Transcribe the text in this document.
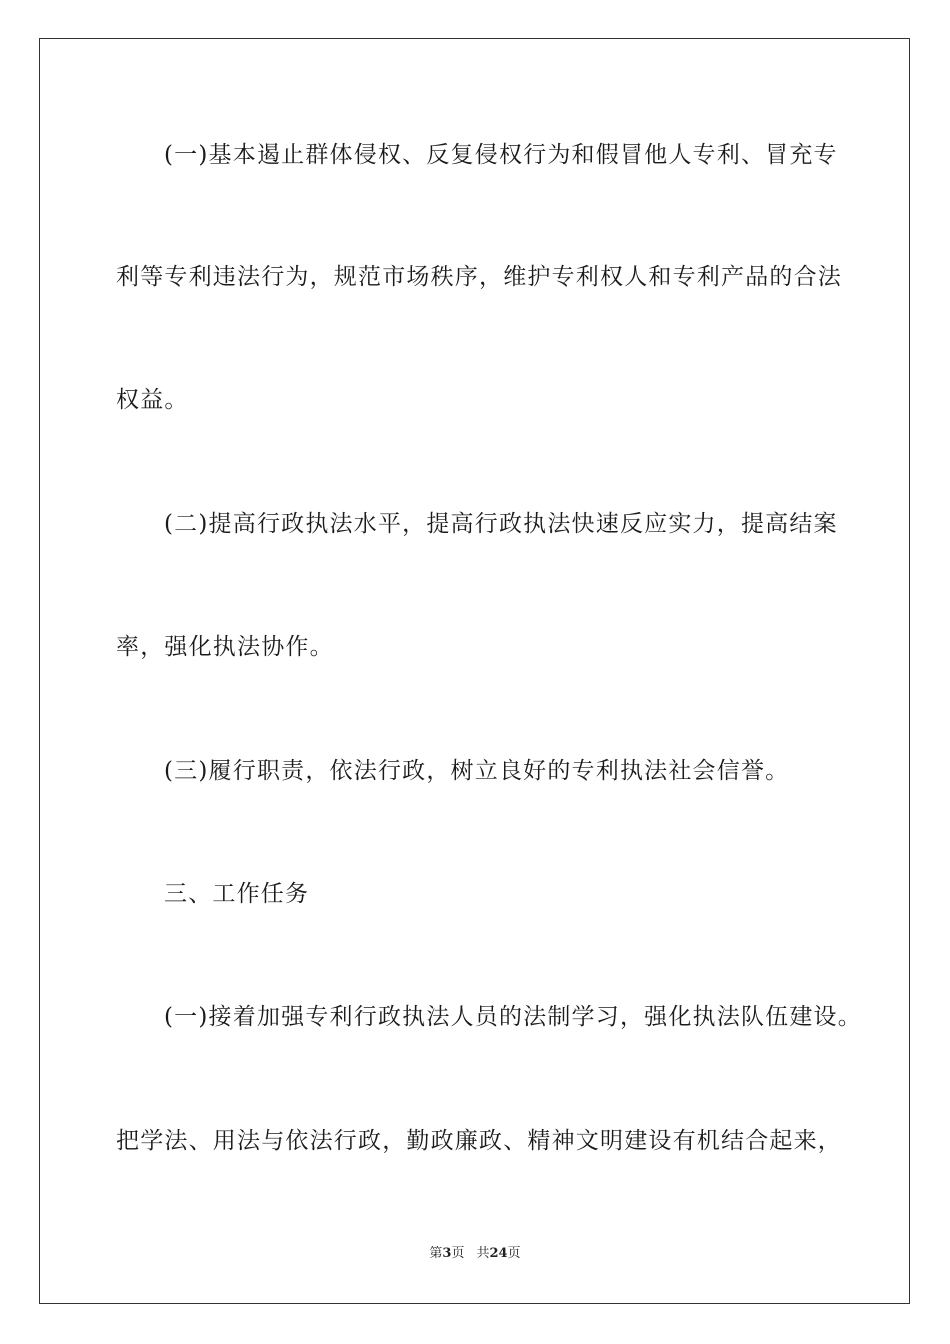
(一)基本遏止群体侵权、反复侵权行为和假冒他人专利、冒充专
利等专利违法行为，规范市场秩序，维护专利权人和专利产品的合法
权益。
(二)提高行政执法水平，提高行政执法快速反应实力，提高结案
率，强化执法协作。
(三)履行职责，依法行政，树立良好的专利执法社会信誉。
三、工作任务
(一)接着加强专利行政执法人员的法制学习，强化执法队伍建设。
把学法、用法与依法行政，勤政廉政、精神文明建设有机结合起来，
第3页 共24页
